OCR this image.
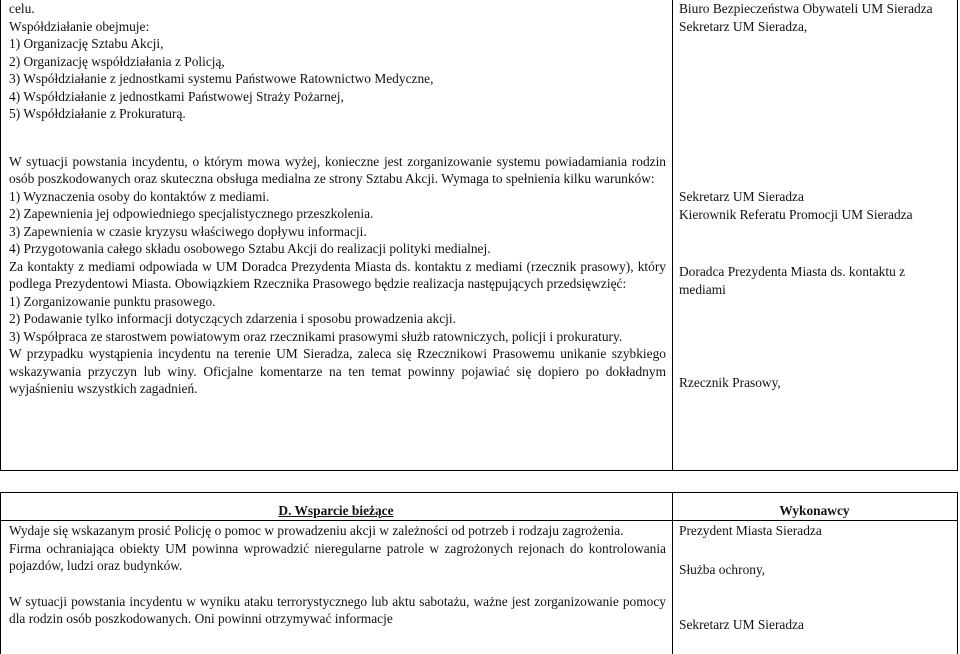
celu.

Współdziałanie obejmuje:

1) Organizację Sztabu Akcji,

2) Organizację współdziałania z Policją,

3) Współdziałanie z jednostkami systemu Państwowe Ratownictwo Medyczne,

4) Współdziałanie z jednostkami Państwowej Straży Pożarnej,

5) Współdziałanie z Prokuraturą.

W sytuacji powstania incydentu, o którym mowa wyżej, konieczne jest zorganizowanie systemu powiadamiania rodzin osób poszkodowanych oraz skuteczna obsługa medialna ze strony Sztabu Akcji. Wymaga to spełnienia kilku warunków:

1) Wyznaczenia osoby do kontaktów z mediami.

2) Zapewnienia jej odpowiedniego specjalistycznego przeszkolenia.

3) Zapewnienia w czasie kryzysu właściwego dopływu informacji.

4) Przygotowania całego składu osobowego Sztabu Akcji do realizacji polityki medialnej.

Za kontakty z mediami odpowiada w UM Doradca Prezydenta Miasta ds. kontaktu z mediami (rzecznik prasowy), który podlega Prezydentowi Miasta. Obowiązkiem Rzecznika Prasowego będzie realizacja następujących przedsięwzięć:

1) Zorganizowanie punktu prasowego.

2) Podawanie tylko informacji dotyczących zdarzenia i sposobu prowadzenia akcji.

3) Współpraca ze starostwem powiatowym oraz rzecznikami prasowymi służb ratowniczych, policji i prokuratury.

W przypadku wystąpienia incydentu na terenie UM Sieradza, zaleca się Rzecznikowi Prasowemu unikanie szybkiego wskazywania przyczyn lub winy. Oficjalne komentarze na ten temat powinny pojawiać się dopiero po dokładnym wyjaśnieniu wszystkich zagadnień.

Biuro Bezpieczeństwa Obywateli UM Sieradza

Sekretarz UM Sieradza,

Sekretarz UM Sieradza

Kierownik Referatu Promocji UM Sieradza

Doradca Prezydenta Miasta ds. kontaktu z mediami

Rzecznik Prasowy,

D. Wsparcie bieżące	Wykonawcy

Wydaje się wskazanym prosić Policję o pomoc w prowadzeniu akcji w zależności od potrzeb i rodzaju zagrożenia.

Firma ochraniająca obiekty UM powinna wprowadzić nieregularne patrole w zagrożonych rejonach do kontrolowania pojazdów, ludzi oraz budynków.

W sytuacji powstania incydentu w wyniku ataku terrorystycznego lub aktu sabotażu, ważne jest zorganizowanie pomocy dla rodzin osób poszkodowanych. Oni powinni otrzymywać informacje

Prezydent Miasta Sieradza

Służba ochrony,

Sekretarz UM Sieradza
